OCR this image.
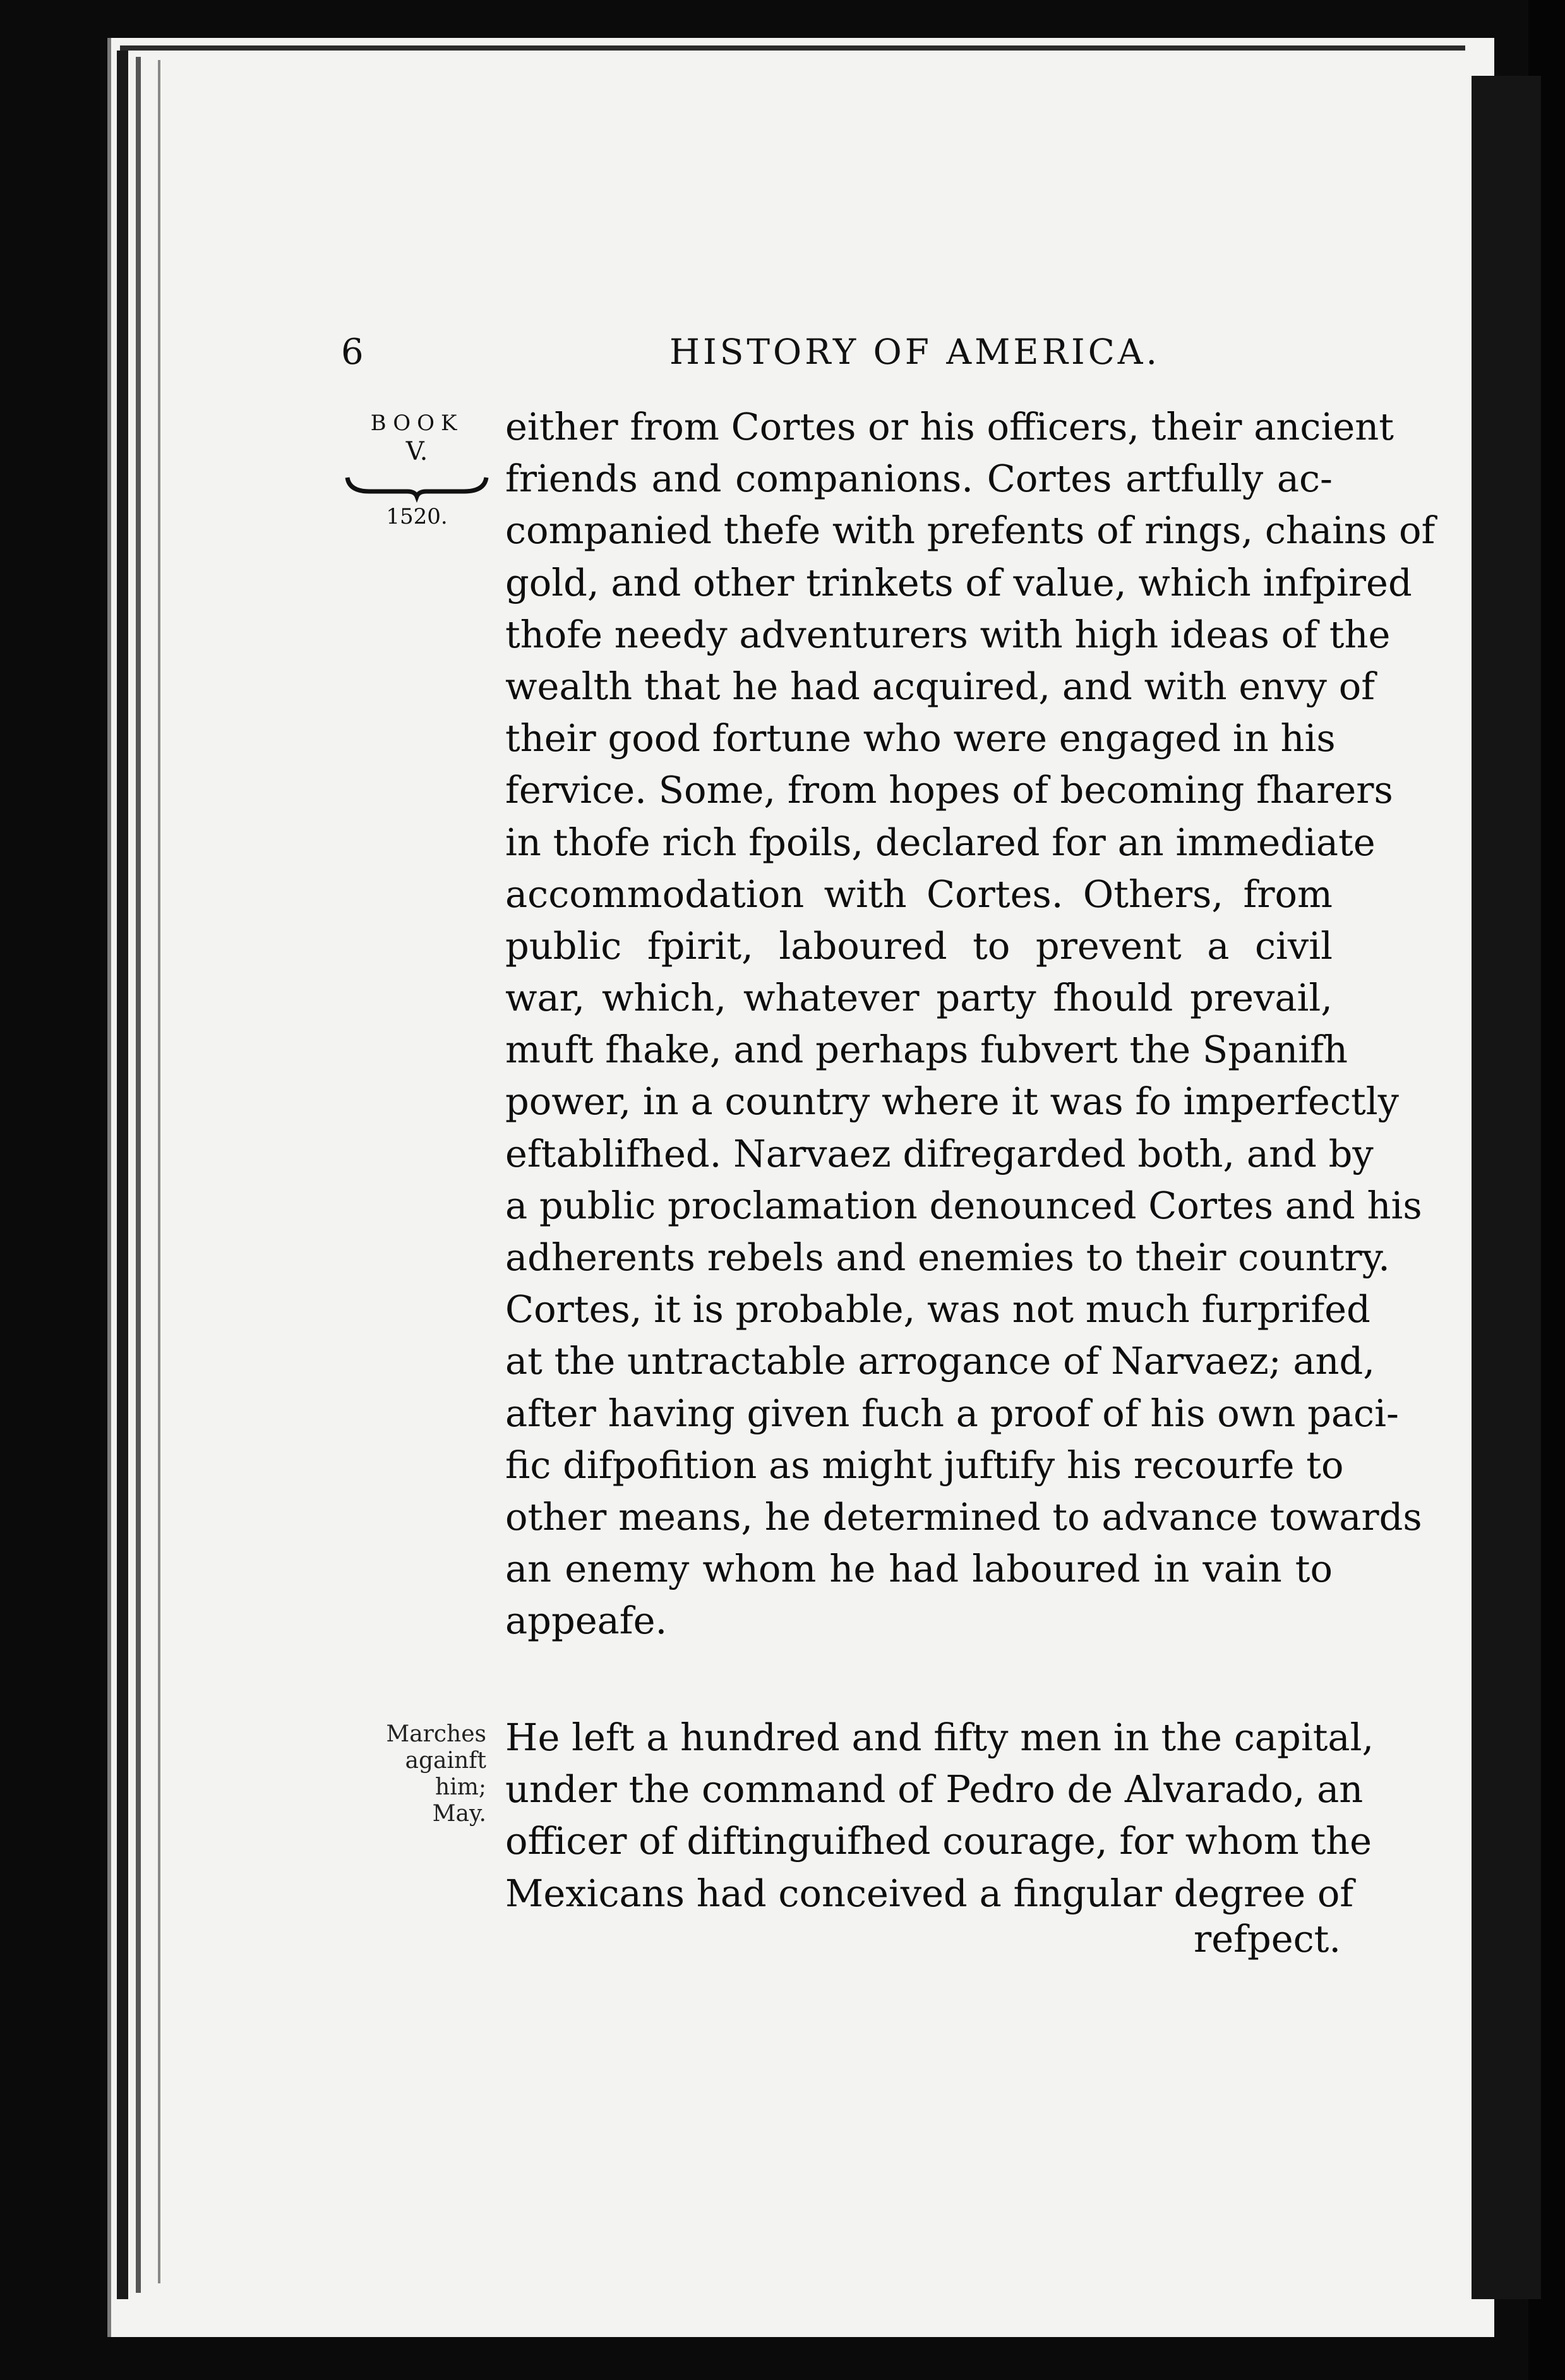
6	HISTORY OF AMERICA.
BOOK
V.
1520.
Marches
againft him;
May.
either from Cortes or his officers, their ancient
friends and companions. Cortes artfully ac-
companied thefe with prefents of rings, chains of
gold, and other trinkets of value, which infpired
thofe needy adventurers with high ideas of the
wealth that he had acquired, and with envy of
their good fortune who were engaged in his
fervice. Some, from hopes of becoming fharers
in thofe rich fpoils, declared for an immediate
accommodation with Cortes. Others, from
public fpirit, laboured to prevent a civil
war, which, whatever party fhould prevail,
muft fhake, and perhaps fubvert the Spanifh
power, in a country where it was fo imperfectly
eftablifhed. Narvaez difregarded both, and by
a public proclamation denounced Cortes and his
adherents rebels and enemies to their country.
Cortes, it is probable, was not much furprifed
at the untractable arrogance of Narvaez; and,
after having given fuch a proof of his own paci-
fic difpofition as might juftify his recourfe to
other means, he determined to advance towards
an enemy whom he had laboured in vain to
appeafe.
He left a hundred and fifty men in the capital,
under the command of Pedro de Alvarado, an
officer of diftinguifhed courage, for whom the
Mexicans had conceived a fingular degree of
refpect.
